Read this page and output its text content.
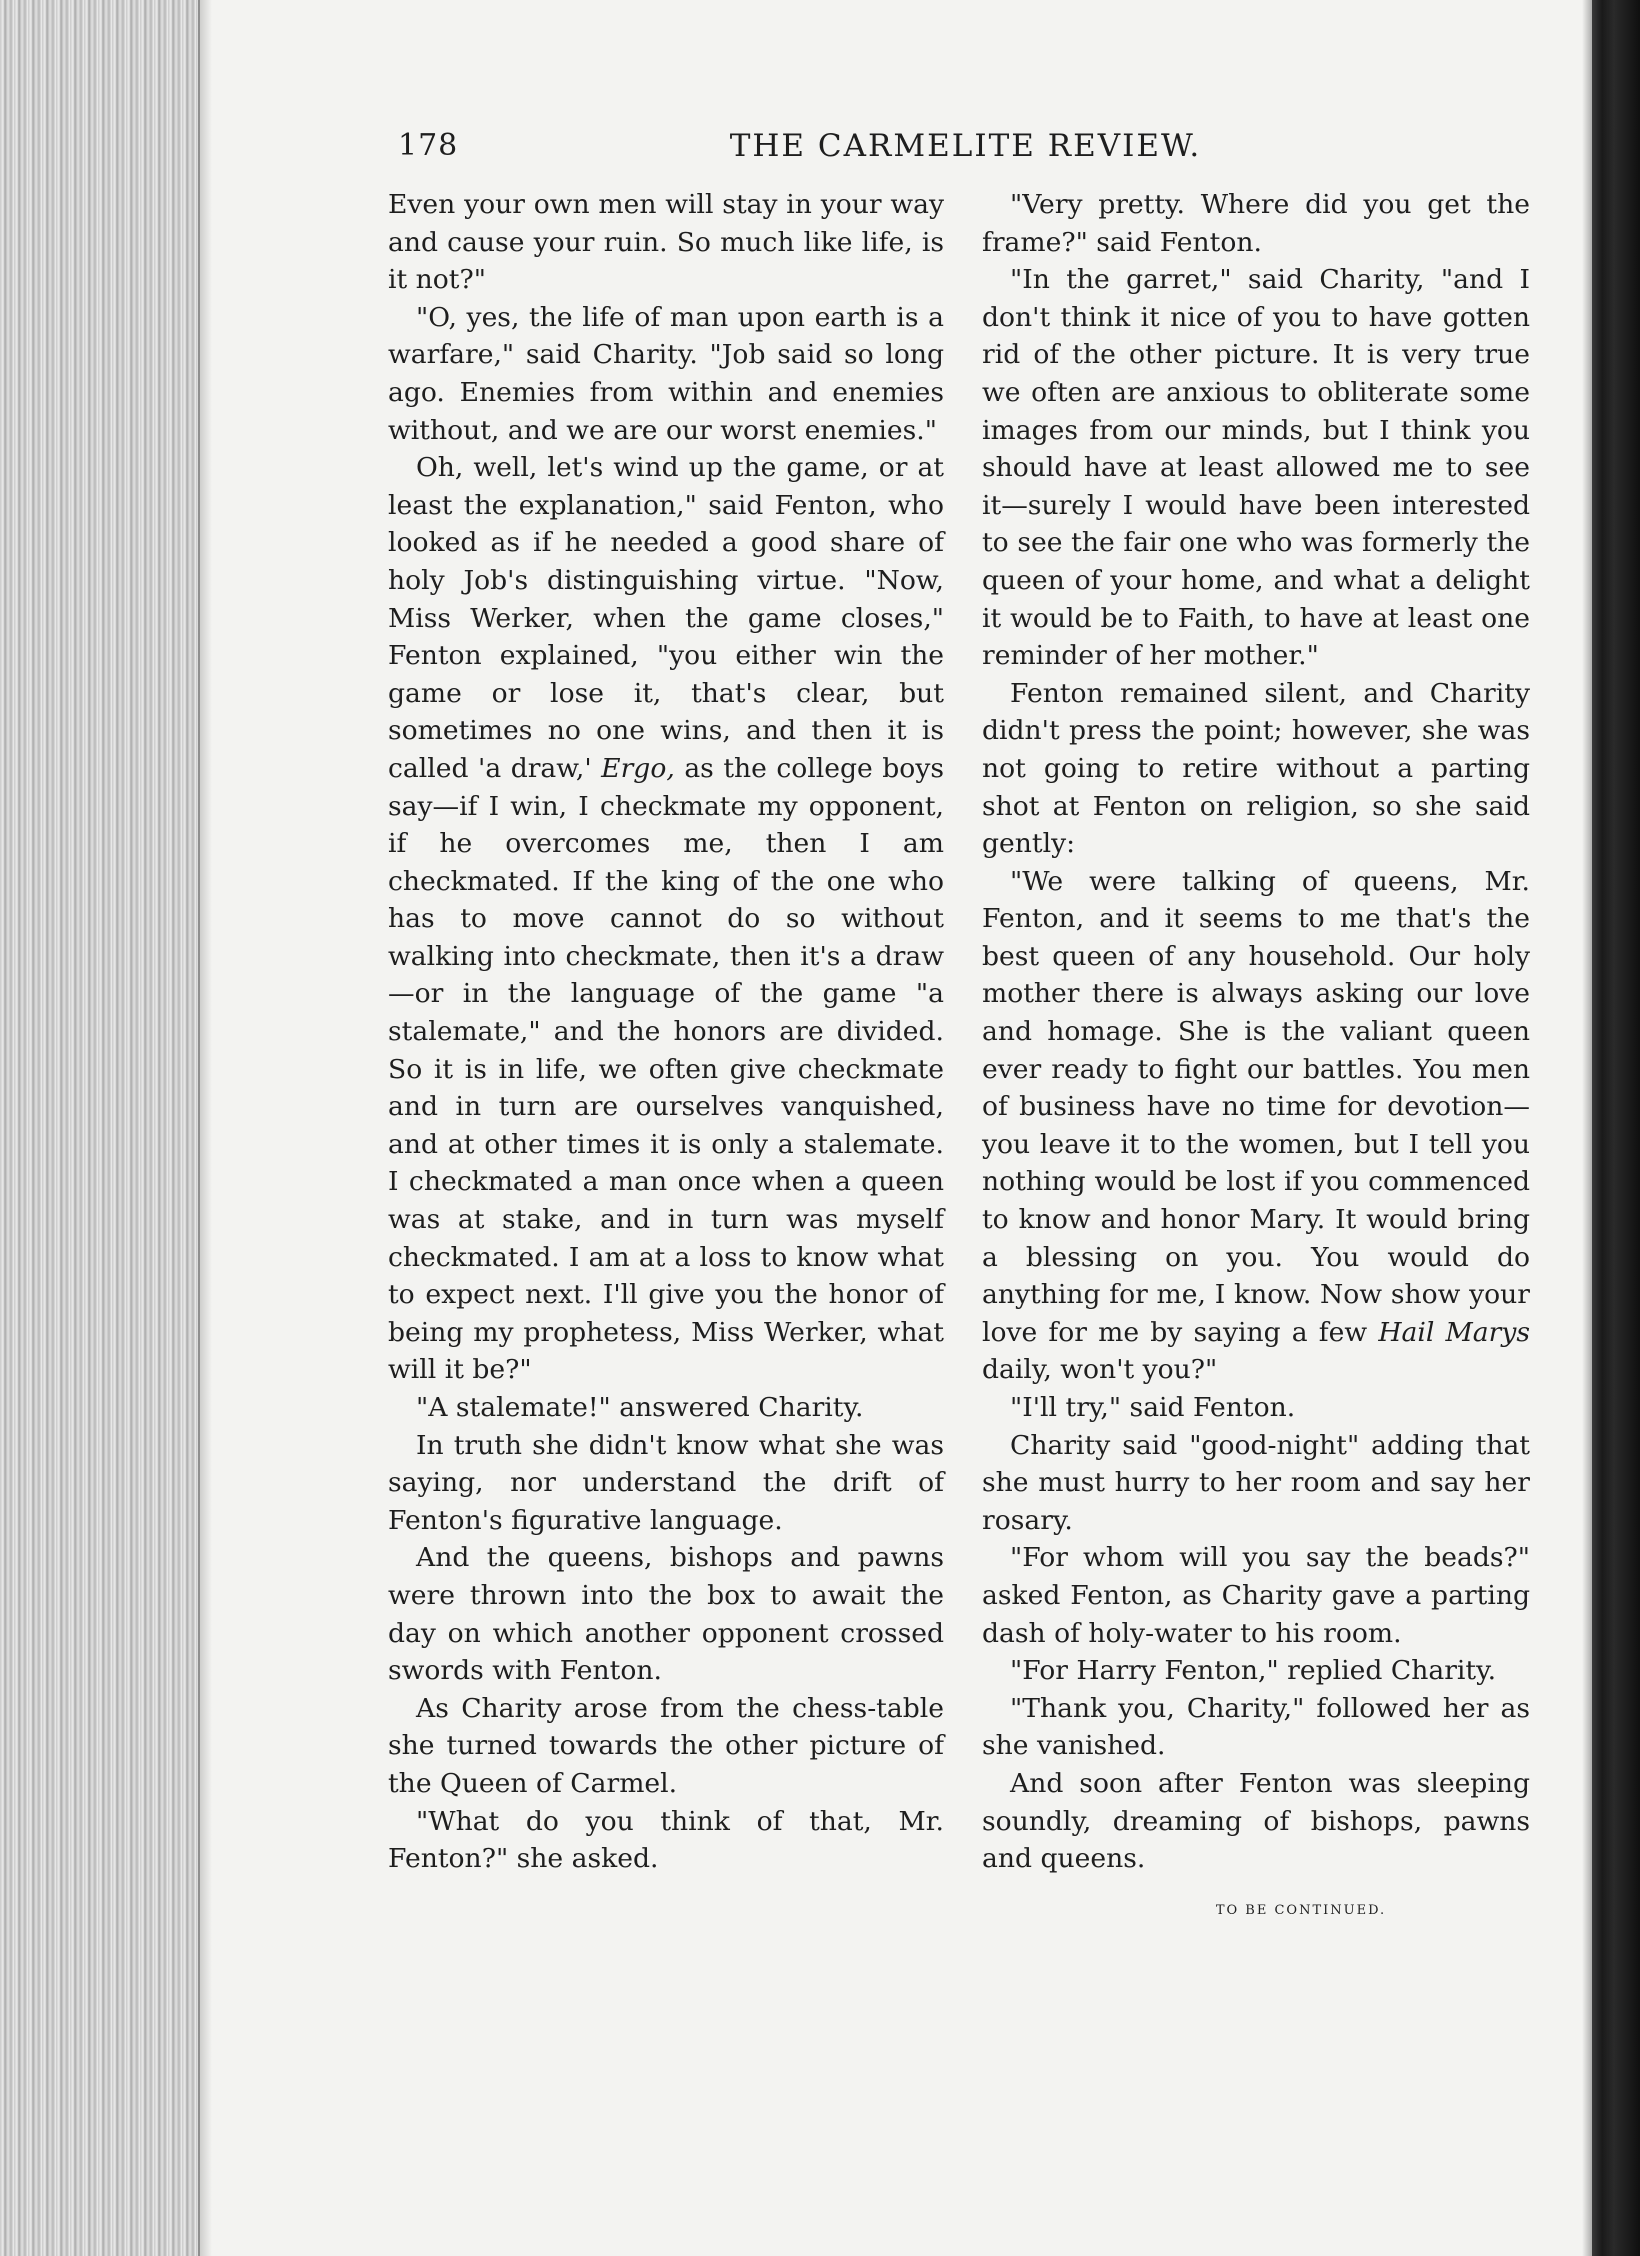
178	THE CARMELITE REVIEW.

Even your own men will stay in your way and cause your ruin. So much like life, is it not?"

"O, yes, the life of man upon earth is a warfare," said Charity. "Job said so long ago. Enemies from within and enemies without, and we are our worst enemies."

Oh, well, let's wind up the game, or at least the explanation," said Fenton, who looked as if he needed a good share of holy Job's distinguishing virtue. "Now, Miss Werker, when the game closes," Fenton explained, "you either win the game or lose it, that's clear, but sometimes no one wins, and then it is called 'a draw,' Ergo, as the college boys say—if I win, I checkmate my opponent, if he overcomes me, then I am checkmated. If the king of the one who has to move cannot do so without walking into checkmate, then it's a draw—or in the language of the game "a stalemate," and the honors are divided. So it is in life, we often give checkmate and in turn are ourselves vanquished, and at other times it is only a stalemate. I checkmated a man once when a queen was at stake, and in turn was myself checkmated. I am at a loss to know what to expect next. I'll give you the honor of being my prophetess, Miss Werker, what will it be?"

"A stalemate!" answered Charity.

In truth she didn't know what she was saying, nor understand the drift of Fenton's figurative language.

And the queens, bishops and pawns were thrown into the box to await the day on which another opponent crossed swords with Fenton.

As Charity arose from the chess-table she turned towards the other picture of the Queen of Carmel.

"What do you think of that, Mr. Fenton?" she asked.

"Very pretty. Where did you get the frame?" said Fenton.

"In the garret," said Charity, "and I don't think it nice of you to have gotten rid of the other picture. It is very true we often are anxious to obliterate some images from our minds, but I think you should have at least allowed me to see it—surely I would have been interested to see the fair one who was formerly the queen of your home, and what a delight it would be to Faith, to have at least one reminder of her mother."

Fenton remained silent, and Charity didn't press the point; however, she was not going to retire without a parting shot at Fenton on religion, so she said gently:

"We were talking of queens, Mr. Fenton, and it seems to me that's the best queen of any household. Our holy mother there is always asking our love and homage. She is the valiant queen ever ready to fight our battles. You men of business have no time for devotion—you leave it to the women, but I tell you nothing would be lost if you commenced to know and honor Mary. It would bring a blessing on you. You would do anything for me, I know. Now show your love for me by saying a few Hail Marys daily, won't you?"

"I'll try," said Fenton.

Charity said "good-night" adding that she must hurry to her room and say her rosary.

"For whom will you say the beads?" asked Fenton, as Charity gave a parting dash of holy-water to his room.

"For Harry Fenton," replied Charity.

"Thank you, Charity," followed her as she vanished.

And soon after Fenton was sleeping soundly, dreaming of bishops, pawns and queens.

TO BE CONTINUED.
